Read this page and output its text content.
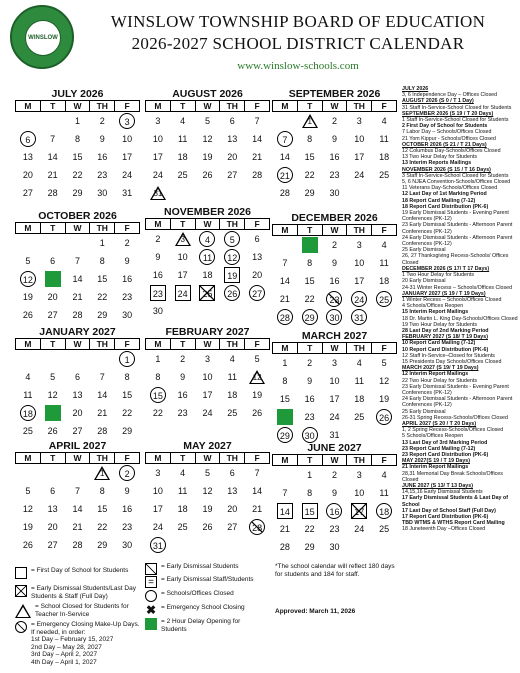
WINSLOW
WINSLOW TOWNSHIP BOARD OF EDUCATION
2026-2027 SCHOOL DISTRICT CALENDAR
www.winslow-schools.com
JULY 2026
M	T	W	TH	F
		1	2	3
6	7	8	9	10
13	14	15	16	17
20	21	22	23	24
27	28	29	30	31
AUGUST 2026
M	T	W	TH	F
3	4	5	6	7
10	11	12	13	14
17	18	19	20	21
24	25	26	27	28
31				
SEPTEMBER 2026
M	T	W	TH	F
	1	2	3	4
7	8	9	10	11
14	15	16	17	18
21	22	23	24	25
28	29	30		
OCTOBER 2026
M	T	W	TH	F
			1	2
5	6	7	8	9
12	13	14	15	16
19	20	21	22	23
26	27	28	29	30
NOVEMBER 2026
M	T	W	TH	F
2	3	4	5	6
9	10	11	12	13
16	17	18	19	20
23	24	25	26	27
30				
DECEMBER 2026
M	T	W	TH	F
	1	2	3	4
7	8	9	10	11
14	15	16	17	18
21	22	23	24	25
28	29	30	31	
JANUARY 2027
M	T	W	TH	F
				1
4	5	6	7	8
11	12	13	14	15
18	19	20	21	22
25	26	27	28	29
FEBRUARY 2027
M	T	W	TH	F
1	2	3	4	5
8	9	10	11	12
15	16	17	18	19
22	23	24	25	26
MARCH 2027
M	T	W	TH	F
1	2	3	4	5
8	9	10	11	12
15	16	17	18	19
22	23	24	25	26
29	30	31		
APRIL 2027
M	T	W	TH	F
			1	2
5	6	7	8	9
12	13	14	15	16
19	20	21	22	23
26	27	28	29	30
MAY 2027
M	T	W	TH	F
3	4	5	6	7
10	11	12	13	14
17	18	19	20	21
24	25	26	27	28
31				
JUNE 2027
M	T	W	TH	F
	1	2	3	4
7	8	9	10	11
14	15	16	17	18
21	22	23	24	25
28	29	30		
= First Day of School for Students
= Early Dismissal Students/Last Day Students & Staff (Full Day)
= School Closed for Students for Teacher In-Service
= Emergency Closing Make-Up Days. If needed, in order:
1st Day – February 15, 2027
2nd Day – May 28, 2027
3rd Day – April 2, 2027
4th Day – April 1, 2027
= Early Dismissal Students
=	= Early Dismissal Staff/Students
= Schools/Offices Closed
✖ = Emergency School Closing
= 2 Hour Delay Opening for Students
*The school calendar will reflect 180 days for students and 184 for staff.
Approved: March 11, 2026
JULY 2026
3, 6 Independence Day – Offices Closed
AUGUST 2026 (S 0 / T 1 Day)
31 Staff In-Service-School Closed for Students
SEPTEMBER 2026 (S 19 / T 20 Days)
1 Staff In-Service-School Closed for Students
2 First Day of School for Students
7 Labor Day – Schools/Offices Closed
21 Yom Kippur - Schools/Offices Closed
OCTOBER 2026 (S 21 / T 21 Days)
12 Columbus Day-Schools/Offices Closed
13 Two Hour Delay for Students
13 Interim Reports Mailings
NOVEMBER 2026 (S 15 / T 16 Days)
3 Staff In-Service-School Closed for Students
5, 6 NJEA Convention-Schools/Offices Closed
11 Veterans Day-Schools/Offices Closed
12 Last Day of 1st Marking Period
18 Report Card Mailing (7-12)
18 Report Card Distribution (PK-6)
19 Early Dismissal Students - Evening Parent Conferences (PK-12)
23 Early Dismissal Students - Afternoon Parent Conferences (PK-12)
24 Early Dismissal Students - Afternoon Parent Conferences (PK-12)
25 Early Dismissal
26, 27 Thanksgiving Recess-Schools/ Offices Closed
DECEMBER 2026 (S 17/ T 17 Days)
1 Two Hour Delay for Students
20 Early Dismissal
24-31 Winter Recess – Schools/Offices Closed
JANUARY 2027 (S 19 / T 19 Days)
1 Winter Recess – Schools/Offices Closed
4 Schools/Offices Reopen
15 Interim Report Mailings
18 Dr. Martin L. King Day-Schools/Offices Closed
19 Two Hour Delay for Students
28 Last Day of 2nd Marking Period
FEBRUARY 2027 (S 18/ T 19 Days)
10 Report Card Mailing (7-12)
10 Report Card Distribution (PK-6)
12 Staff In-Service–Closed for Students
15 Presidents Day Schools/Offices Closed
MARCH 2027 (S 19/ T 19 Days)
12 Interim Report Mailings
22 Two Hour Delay for Students
23 Early Dismissal Students - Evening Parent Conferences (PK-12)
24 Early Dismissal Students - Afternoon Parent Conferences (PK-12)
25 Early Dismissal
26-31 Spring Recess-Schools/Offices Closed
APRIL 2027 (S 20 / T 20 Days)
1, 2 Spring Recess-Schools/Offices Closed
5 Schools/Offices Reopen
13 Last Day of 3rd Marking Period
23 Report Card Mailing (7-12)
23 Report Card Distribution (PK-6)
MAY 2027(S 19 / T 19 Days)
21 Interim Report Mailings
28,31 Memorial Day Break Schools/Offices Closed
JUNE 2027 (S 13/ T 13 Days)
14,15,16 Early Dismissal Students
17 Early Dismissal Students & Last Day of School
17 Last Day of School Staff (Full Day)
17 Report Card Distribution (PK-6)
TBD WTMS & WTHS Report Card Mailing
18 Juneteenth Day –Offices Closed
